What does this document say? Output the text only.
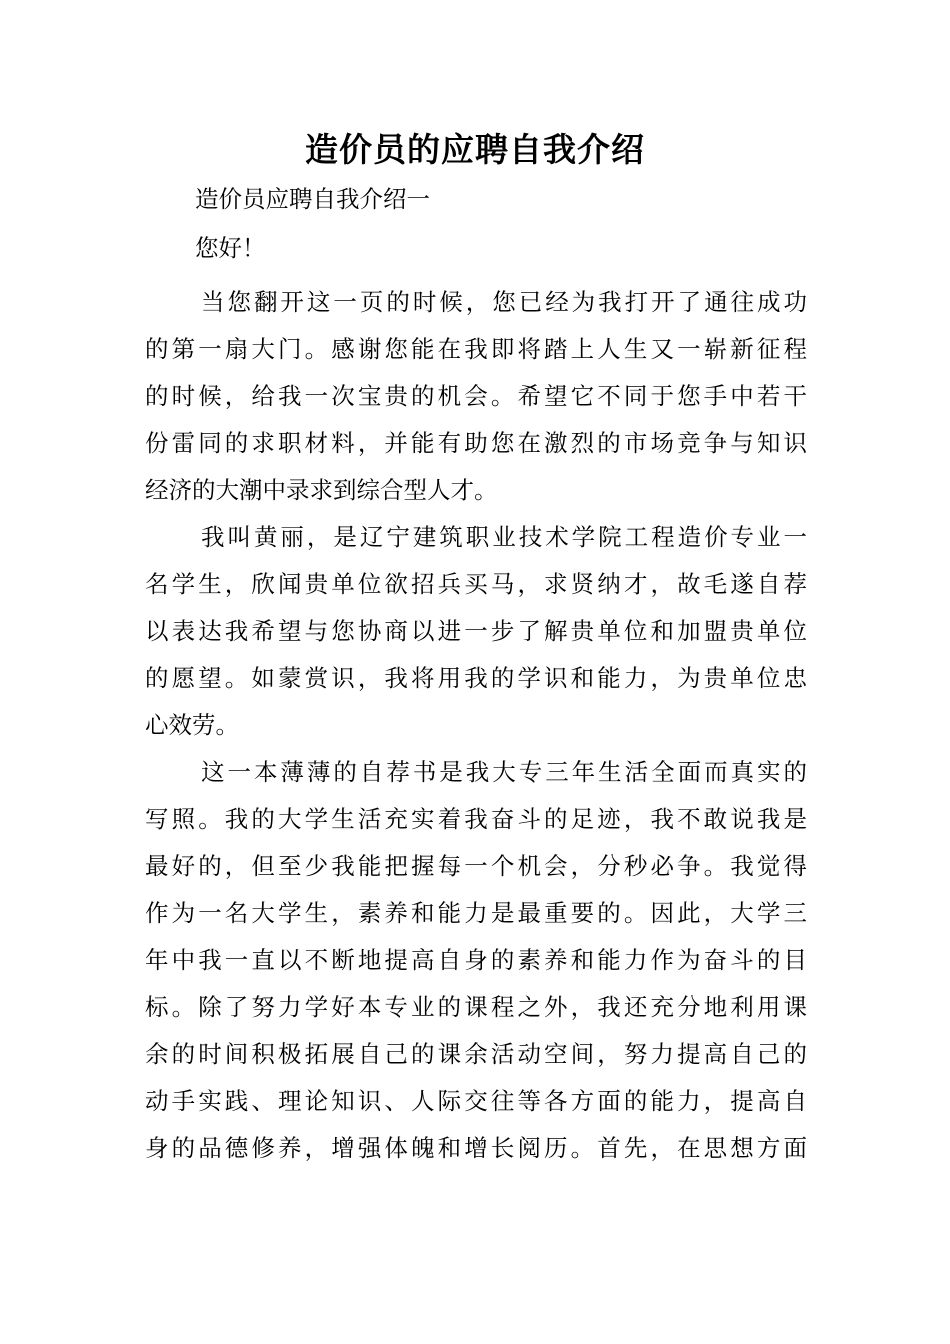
造价员的应聘自我介绍
造价员应聘自我介绍一
您好！

当您翻开这一页的时候，您已经为我打开了通往成功
的第一扇大门。感谢您能在我即将踏上人生又一崭新征程
的时候，给我一次宝贵的机会。希望它不同于您手中若干
份雷同的求职材料，并能有助您在激烈的市场竞争与知识
经济的大潮中录求到综合型人才。

我叫黄丽，是辽宁建筑职业技术学院工程造价专业一
名学生，欣闻贵单位欲招兵买马，求贤纳才，故毛遂自荐
以表达我希望与您协商以进一步了解贵单位和加盟贵单位
的愿望。如蒙赏识，我将用我的学识和能力，为贵单位忠
心效劳。

这一本薄薄的自荐书是我大专三年生活全面而真实的
写照。我的大学生活充实着我奋斗的足迹，我不敢说我是
最好的，但至少我能把握每一个机会，分秒必争。我觉得
作为一名大学生，素养和能力是最重要的。因此，大学三
年中我一直以不断地提高自身的素养和能力作为奋斗的目
标。除了努力学好本专业的课程之外，我还充分地利用课
余的时间积极拓展自己的课余活动空间，努力提高自己的
动手实践、理论知识、人际交往等各方面的能力，提高自
身的品德修养，增强体魄和增长阅历。首先，在思想方面
